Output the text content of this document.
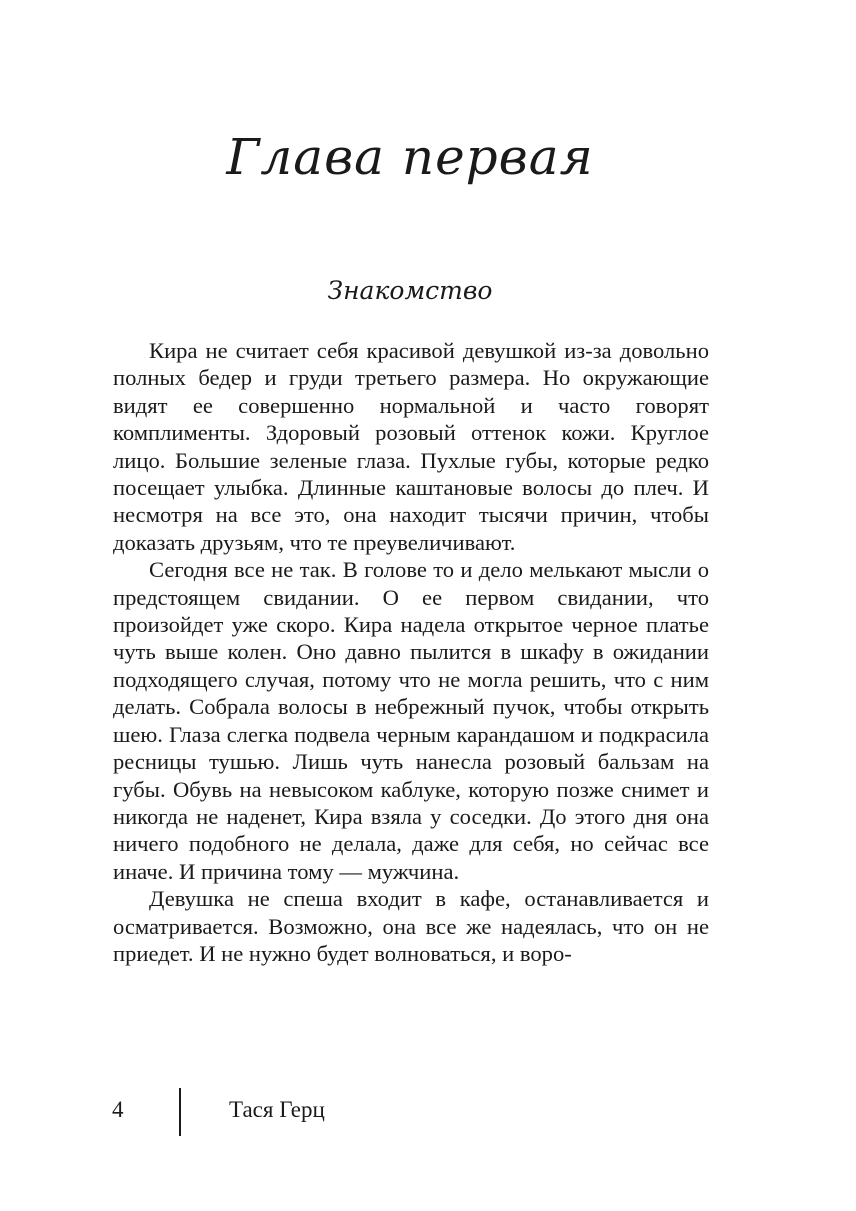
Глава первая
Знакомство

Кира не считает себя красивой девушкой из-за довольно полных бедер и груди третьего размера. Но окружающие видят ее совершенно нормальной и часто говорят комплименты. Здоровый розовый оттенок кожи. Круглое лицо. Большие зеленые глаза. Пухлые губы, которые редко посещает улыбка. Длинные каштановые волосы до плеч. И несмотря на все это, она находит тысячи причин, чтобы доказать друзьям, что те преувеличивают.

Сегодня все не так. В голове то и дело мелькают мысли о предстоящем свидании. О ее первом свидании, что произойдет уже скоро. Кира надела открытое черное платье чуть выше колен. Оно давно пылится в шкафу в ожидании подходящего случая, потому что не могла решить, что с ним делать. Собрала волосы в небрежный пучок, чтобы открыть шею. Глаза слегка подвела черным карандашом и подкрасила ресницы тушью. Лишь чуть нанесла розовый бальзам на губы. Обувь на невысоком каблуке, которую позже снимет и никогда не наденет, Кира взяла у соседки. До этого дня она ничего подобного не делала, даже для себя, но сейчас все иначе. И причина тому — мужчина.

Девушка не спеша входит в кафе, останавливается и осматривается. Возможно, она все же надеялась, что он не приедет. И не нужно будет волноваться, и воро-

4	Тася Герц
